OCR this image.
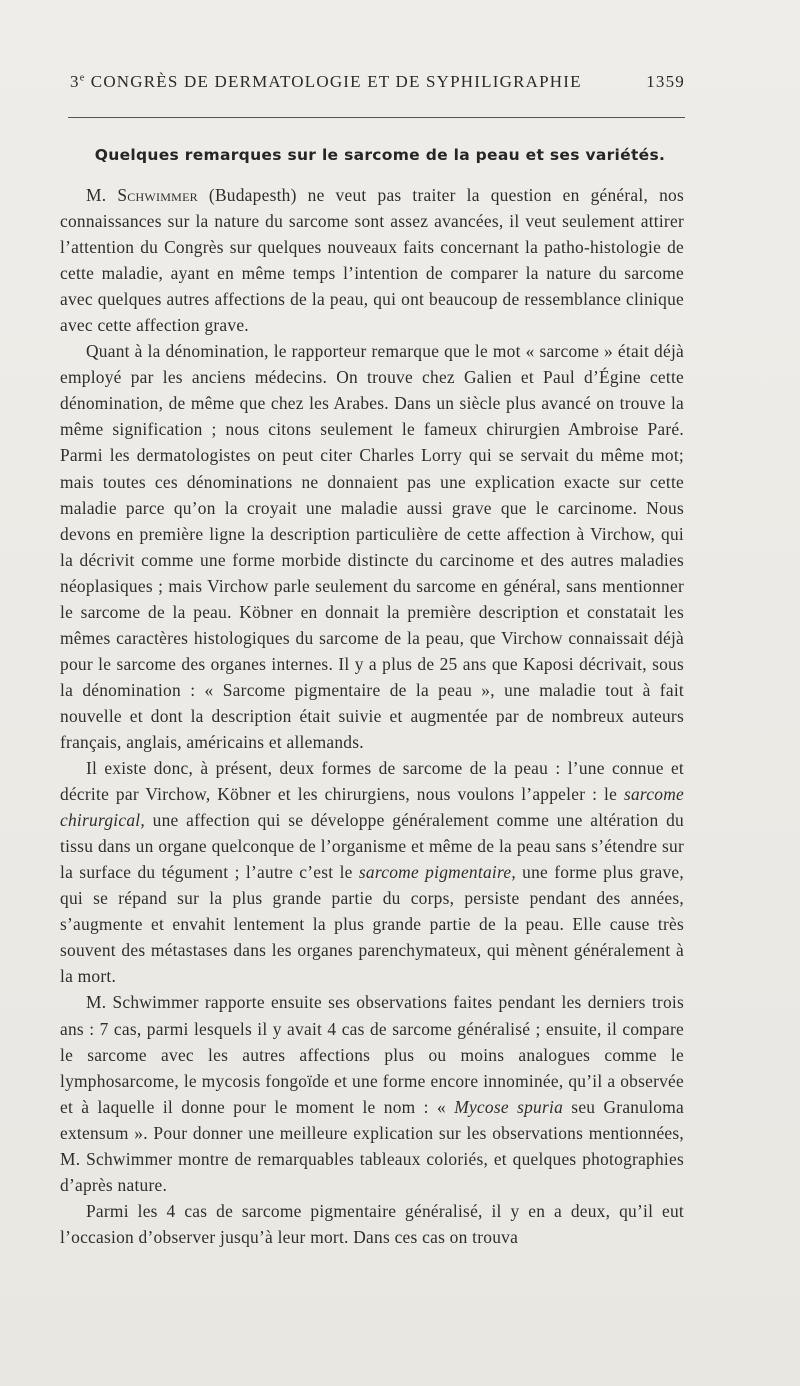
3e CONGRÈS DE DERMATOLOGIE ET DE SYPHILIGRAPHIE	1359
Quelques remarques sur le sarcome de la peau et ses variétés.

M. Schwimmer (Budapesth) ne veut pas traiter la question en général, nos connaissances sur la nature du sarcome sont assez avancées, il veut seulement attirer l’attention du Congrès sur quelques nouveaux faits concernant la patho-histologie de cette maladie, ayant en même temps l’intention de comparer la nature du sarcome avec quelques autres affections de la peau, qui ont beaucoup de ressemblance clinique avec cette affection grave.

Quant à la dénomination, le rapporteur remarque que le mot « sarcome » était déjà employé par les anciens médecins. On trouve chez Galien et Paul d’Égine cette dénomination, de même que chez les Arabes. Dans un siècle plus avancé on trouve la même signification ; nous citons seulement le fameux chirurgien Ambroise Paré. Parmi les dermatologistes on peut citer Charles Lorry qui se servait du même mot; mais toutes ces dénominations ne donnaient pas une explication exacte sur cette maladie parce qu’on la croyait une maladie aussi grave que le carcinome. Nous devons en première ligne la description particulière de cette affection à Virchow, qui la décrivit comme une forme morbide distincte du carcinome et des autres maladies néoplasiques ; mais Virchow parle seulement du sarcome en général, sans mentionner le sarcome de la peau. Köbner en donnait la première description et constatait les mêmes caractères histologiques du sarcome de la peau, que Virchow connaissait déjà pour le sarcome des organes internes. Il y a plus de 25 ans que Kaposi décrivait, sous la dénomination : « Sarcome pigmentaire de la peau », une maladie tout à fait nouvelle et dont la description était suivie et augmentée par de nombreux auteurs français, anglais, américains et allemands.

Il existe donc, à présent, deux formes de sarcome de la peau : l’une connue et décrite par Virchow, Köbner et les chirurgiens, nous voulons l’appeler : le sarcome chirurgical, une affection qui se développe généralement comme une altération du tissu dans un organe quelconque de l’organisme et même de la peau sans s’étendre sur la surface du tégument ; l’autre c’est le sarcome pigmentaire, une forme plus grave, qui se répand sur la plus grande partie du corps, persiste pendant des années, s’augmente et envahit lentement la plus grande partie de la peau. Elle cause très souvent des métastases dans les organes parenchymateux, qui mènent généralement à la mort.

M. Schwimmer rapporte ensuite ses observations faites pendant les derniers trois ans : 7 cas, parmi lesquels il y avait 4 cas de sarcome généralisé ; ensuite, il compare le sarcome avec les autres affections plus ou moins analogues comme le lymphosarcome, le mycosis fongoïde et une forme encore innominée, qu’il a observée et à laquelle il donne pour le moment le nom : « Mycose spuria seu Granuloma extensum ». Pour donner une meilleure explication sur les observations mentionnées, M. Schwimmer montre de remarquables tableaux coloriés, et quelques photographies d’après nature.

Parmi les 4 cas de sarcome pigmentaire généralisé, il y en a deux, qu’il eut l’occasion d’observer jusqu’à leur mort. Dans ces cas on trouva
